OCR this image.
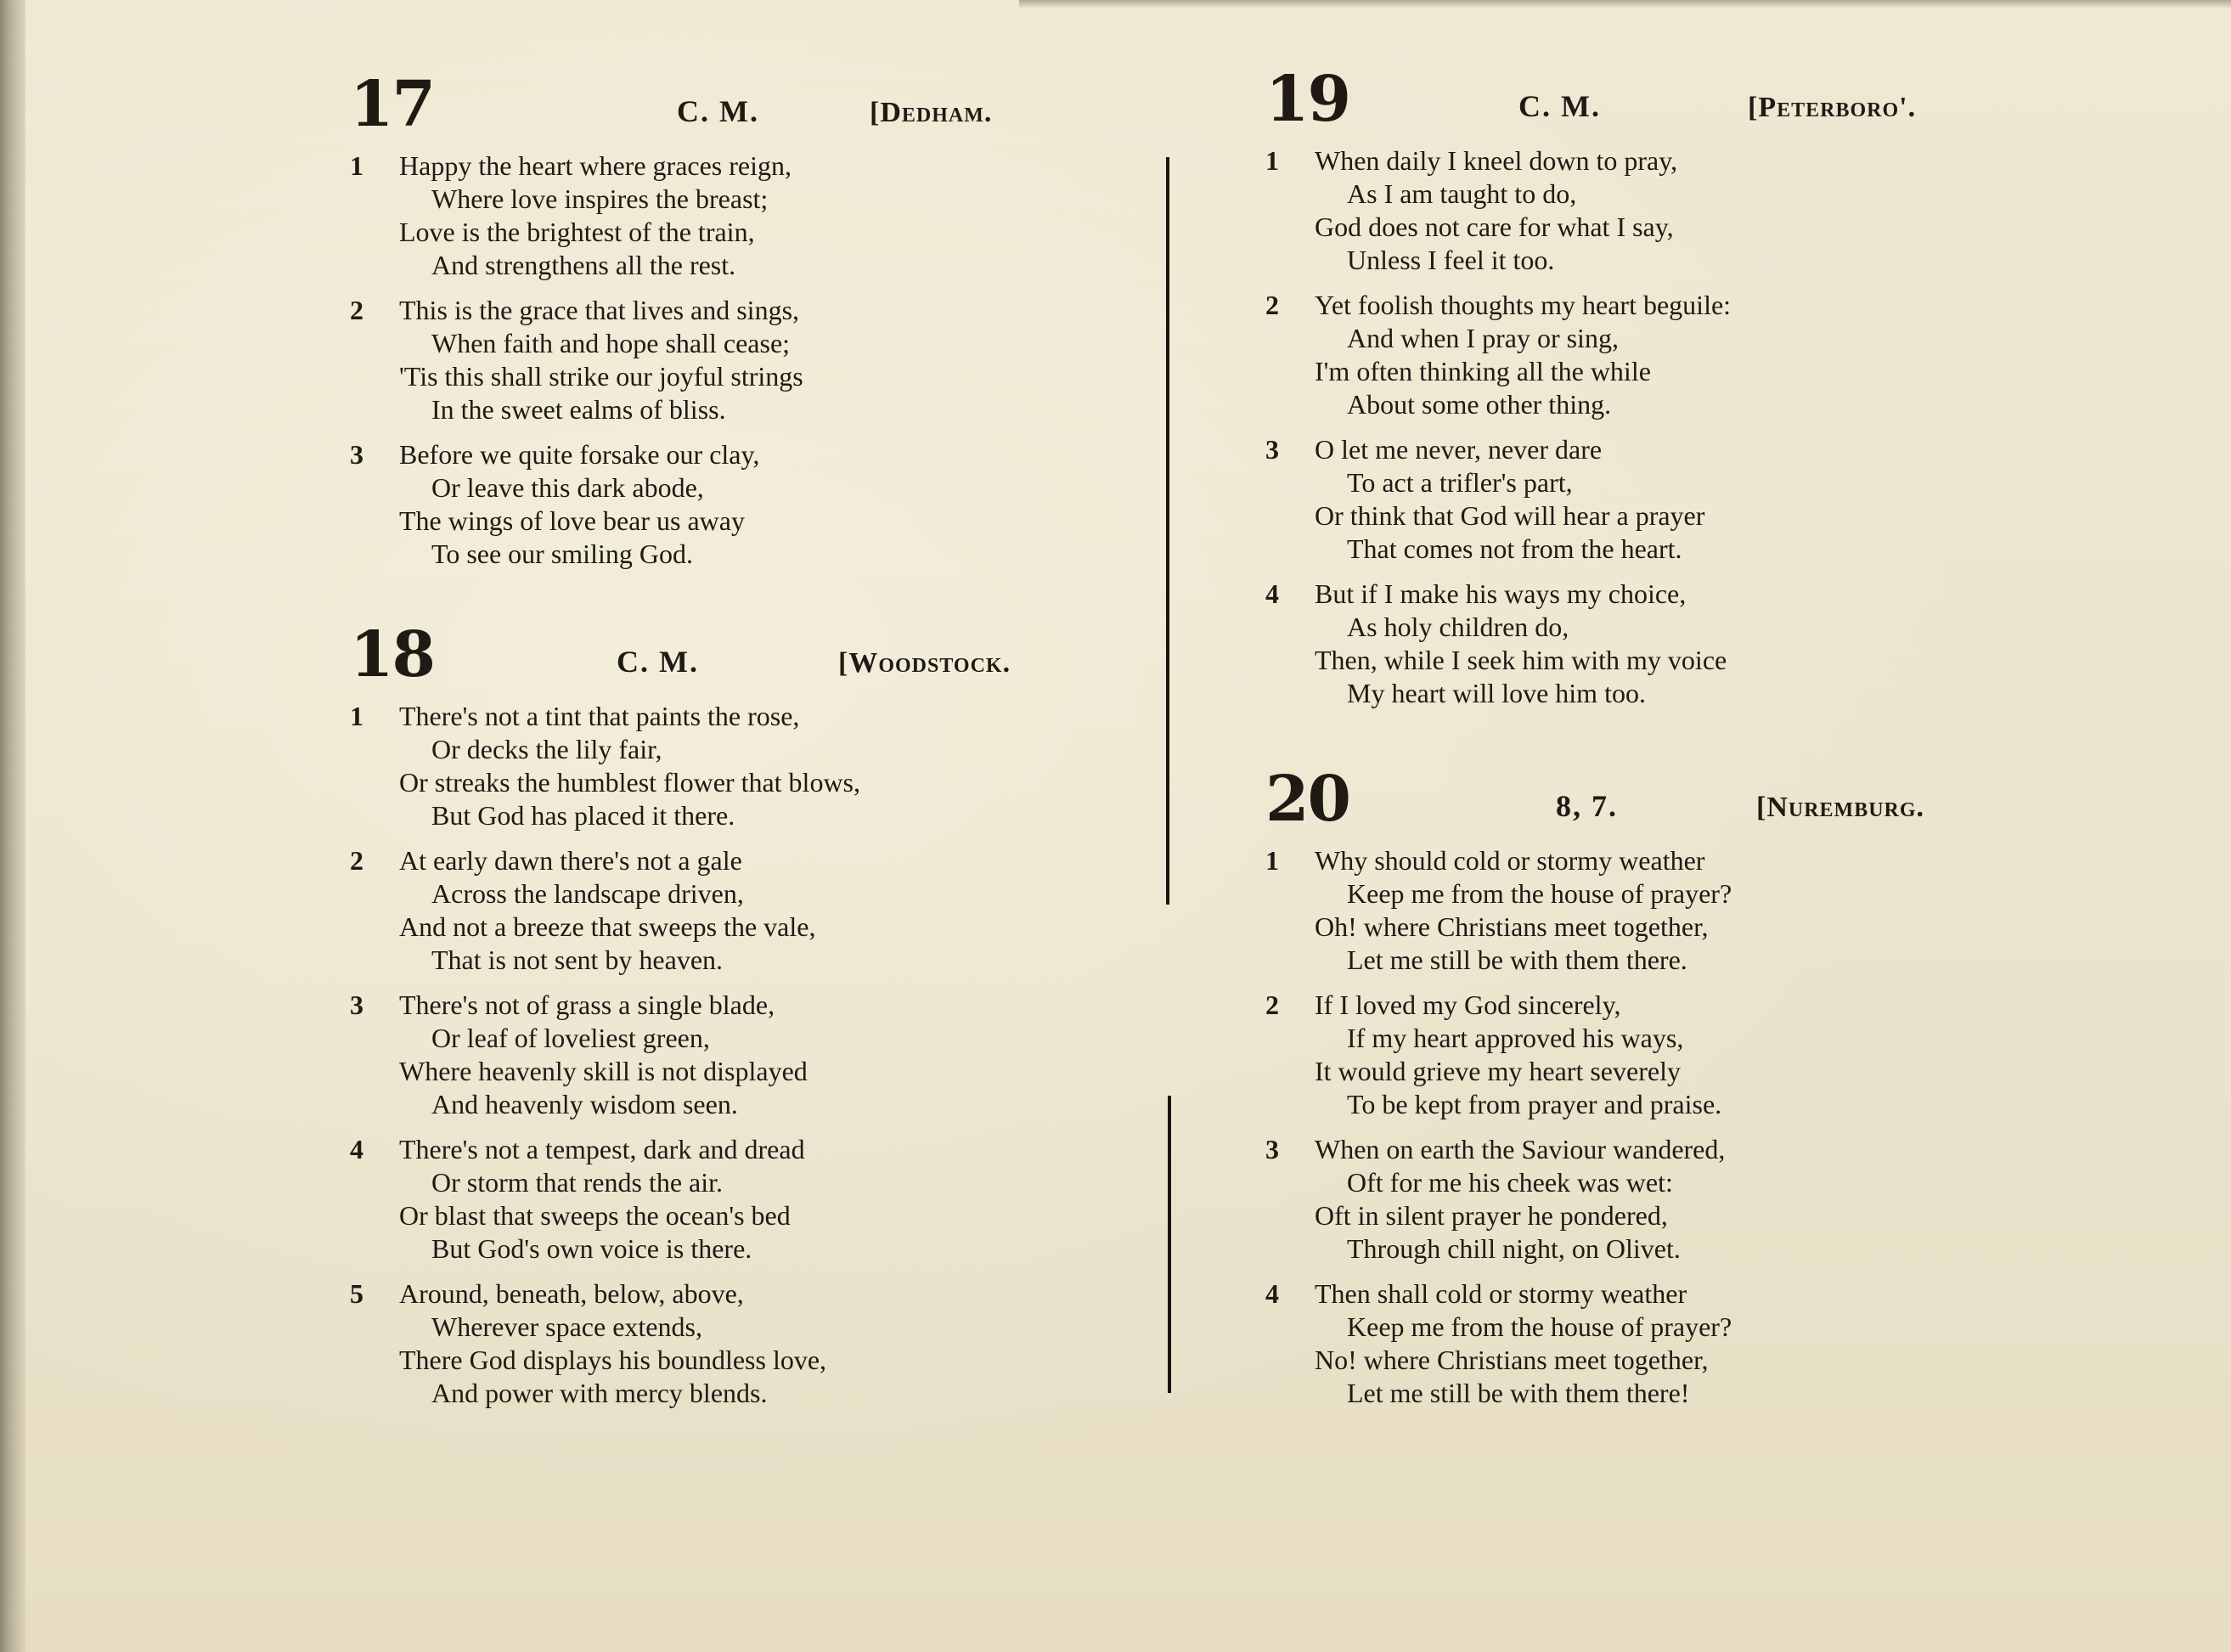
17	C. M.	[Dedham.
1	Happy the heart where graces reign,
Where love inspires the breast;
Love is the brightest of the train,
And strengthens all the rest.
2	This is the grace that lives and sings,
When faith and hope shall cease;
'Tis this shall strike our joyful strings
In the sweet ealms of bliss.
3	Before we quite forsake our clay,
Or leave this dark abode,
The wings of love bear us away
To see our smiling God.
18	C. M.	[Woodstock.
1	There's not a tint that paints the rose,
Or decks the lily fair,
Or streaks the humblest flower that blows,
But God has placed it there.
2	At early dawn there's not a gale
Across the landscape driven,
And not a breeze that sweeps the vale,
That is not sent by heaven.
3	There's not of grass a single blade,
Or leaf of loveliest green,
Where heavenly skill is not displayed
And heavenly wisdom seen.
4	There's not a tempest, dark and dread
Or storm that rends the air.
Or blast that sweeps the ocean's bed
But God's own voice is there.
5	Around, beneath, below, above,
Wherever space extends,
There God displays his boundless love,
And power with mercy blends.
19	C. M.	[Peterboro'.
1	When daily I kneel down to pray,
As I am taught to do,
God does not care for what I say,
Unless I feel it too.
2	Yet foolish thoughts my heart beguile:
And when I pray or sing,
I'm often thinking all the while
About some other thing.
3	O let me never, never dare
To act a trifler's part,
Or think that God will hear a prayer
That comes not from the heart.
4	But if I make his ways my choice,
As holy children do,
Then, while I seek him with my voice
My heart will love him too.
20	8, 7.	[Nuremburg.
1	Why should cold or stormy weather
Keep me from the house of prayer?
Oh! where Christians meet together,
Let me still be with them there.
2	If I loved my God sincerely,
If my heart approved his ways,
It would grieve my heart severely
To be kept from prayer and praise.
3	When on earth the Saviour wandered,
Oft for me his cheek was wet:
Oft in silent prayer he pondered,
Through chill night, on Olivet.
4	Then shall cold or stormy weather
Keep me from the house of prayer?
No! where Christians meet together,
Let me still be with them there!
